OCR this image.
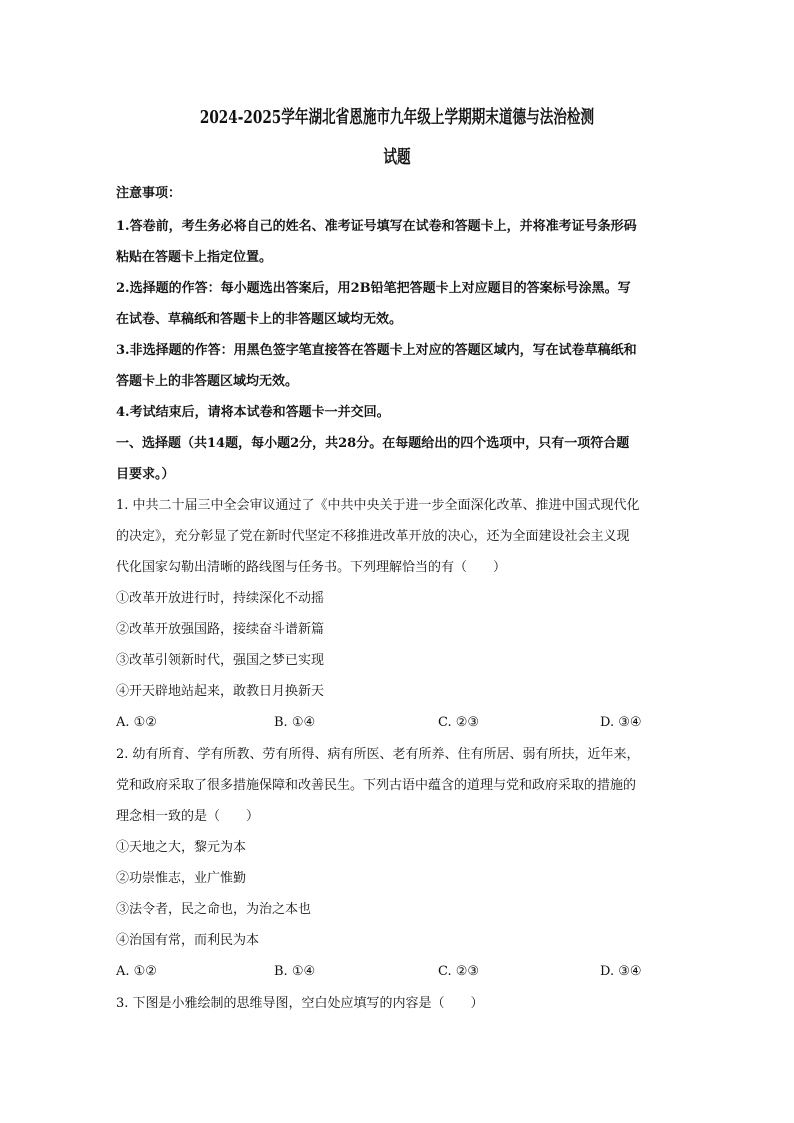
2024-2025学年湖北省恩施市九年级上学期期末道德与法治检测
试题
注意事项：
1.答卷前，考生务必将自己的姓名、准考证号填写在试卷和答题卡上，并将准考证号条形码
粘贴在答题卡上指定位置。
2.选择题的作答：每小题选出答案后，用2B铅笔把答题卡上对应题目的答案标号涂黑。写
在试卷、草稿纸和答题卡上的非答题区域均无效。
3.非选择题的作答：用黑色签字笔直接答在答题卡上对应的答题区域内，写在试卷草稿纸和
答题卡上的非答题区域均无效。
4.考试结束后，请将本试卷和答题卡一并交回。
一、选择题（共14题，每小题2分，共28分。在每题给出的四个选项中，只有一项符合题
目要求。）
1. 中共二十届三中全会审议通过了《中共中央关于进一步全面深化改革、推进中国式现代化
的决定》，充分彰显了党在新时代坚定不移推进改革开放的决心，还为全面建设社会主义现
代化国家勾勒出清晰的路线图与任务书。下列理解恰当的有（　　）
①改革开放进行时，持续深化不动摇
②改革开放强国路，接续奋斗谱新篇
③改革引领新时代，强国之梦已实现
④开天辟地站起来，敢教日月换新天
A. ①②	B. ①④	C. ②③	D. ③④
2. 幼有所育、学有所教、劳有所得、病有所医、老有所养、住有所居、弱有所扶，近年来，
党和政府采取了很多措施保障和改善民生。下列古语中蕴含的道理与党和政府采取的措施的
理念相一致的是（　　）
①天地之大，黎元为本
②功崇惟志，业广惟勤
③法令者，民之命也，为治之本也
④治国有常，而利民为本
A. ①②	B. ①④	C. ②③	D. ③④
3. 下图是小雅绘制的思维导图，空白处应填写的内容是（　　）
